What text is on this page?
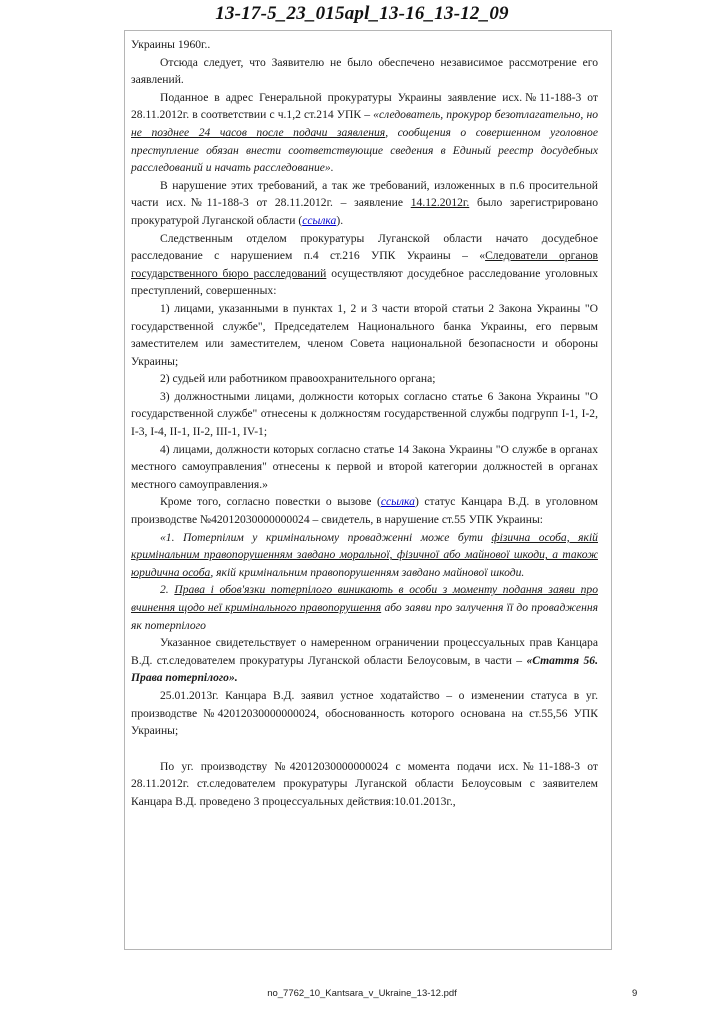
13-17-5_23_015apl_13-16_13-12_09

Украины 1960г..

Отсюда следует, что Заявителю не было обеспечено независимое рассмотрение его заявлений.

Поданное в адрес Генеральной прокуратуры Украины заявление исх.№11-188-3 от 28.11.2012г. в соответствии с ч.1,2 ст.214 УПК – «следователь, прокурор безотлагательно, но не позднее 24 часов после подачи заявления, сообщения о совершенном уголовное преступление обязан внести соответствующие сведения в Единый реестр досудебных расследований и начать расследование».

В нарушение этих требований, а так же требований, изложенных в п.6 просительной части исх.№11-188-3 от 28.11.2012г. – заявление 14.12.2012г. было зарегистрировано прокуратурой Луганской области (ссылка).

Следственным отделом прокуратуры Луганской области начато досудебное расследование с нарушением п.4 ст.216 УПК Украины – «Следователи органов государственного бюро расследований осуществляют досудебное расследование уголовных преступлений, совершенных:

1) лицами, указанными в пунктах 1, 2 и 3 части второй статьи 2 Закона Украины "О государственной службе", Председателем Национального банка Украины, его первым заместителем или заместителем, членом Совета национальной безопасности и обороны Украины;

2) судьей или работником правоохранительного органа;

3) должностными лицами, должности которых согласно статье 6 Закона Украины "О государственной службе" отнесены к должностям государственной службы подгрупп I-1, I-2, I-3, I-4, II-1, II-2, III-1, IV-1;

4) лицами, должности которых согласно статье 14 Закона Украины "О службе в органах местного самоуправления" отнесены к первой и второй категории должностей в органах местного самоуправления.»

Кроме того, согласно повестки о вызове (ссылка) статус Канцара В.Д. в уголовном производстве №42012030000000024 – свидетель, в нарушение ст.55 УПК Украины:

«1. Потерпілим у кримінальному провадженні може бути фізична особа, якій кримінальним правопорушенням завдано моральної, фізичної або майнової шкоди, а також юридична особа, якій кримінальним правопорушенням завдано майнової шкоди.

2. Права і обов'язки потерпілого виникають в особи з моменту подання заяви про вчинення щодо неї кримінального правопорушення або заяви про залучення її до провадження як потерпілого

Указанное свидетельствует о намеренном ограничении процессуальных прав Канцара В.Д. ст.следователем прокуратуры Луганской области Белоусовым, в части – «Стаття 56. Права потерпілого».

25.01.2013г. Канцара В.Д. заявил устное ходатайство – о изменении статуса в уг. производстве №42012030000000024, обоснованность которого основана на ст.55,56 УПК Украины;

По уг. производству №42012030000000024 с момента подачи исх.№11-188-3 от 28.11.2012г. ст.следователем прокуратуры Луганской области Белоусовым с заявителем Канцара В.Д. проведено 3 процессуальных действия:10.01.2013г.,

no_7762_10_Kantsara_v_Ukraine_13-12.pdf	9
